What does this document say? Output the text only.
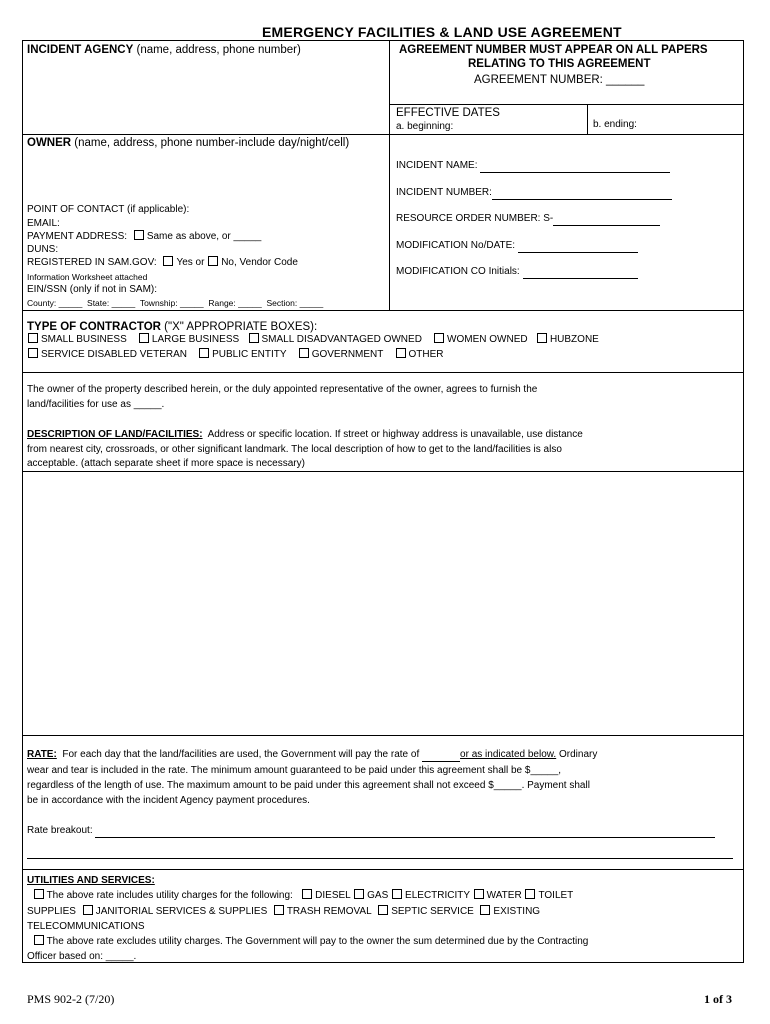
EMERGENCY FACILITIES & LAND USE AGREEMENT
INCIDENT AGENCY (name, address, phone number)	AGREEMENT NUMBER MUST APPEAR ON ALL PAPERS
RELATING TO THIS AGREEMENT
AGREEMENT NUMBER: ______
EFFECTIVE DATES
a. beginning:	b. ending:
OWNER (name, address, phone number-include day/night/cell)
POINT OF CONTACT (if applicable):
EMAIL:
PAYMENT ADDRESS: Same as above, or _____
DUNS:
REGISTERED IN SAM.GOV: Yes or No, Vendor Code
Information Worksheet attached
EIN/SSN (only if not in SAM):
County: _____ State: _____ Township: _____ Range: _____ Section: _____
INCIDENT NAME:
INCIDENT NUMBER:
RESOURCE ORDER NUMBER: S-
MODIFICATION No/DATE:
MODIFICATION CO Initials:
TYPE OF CONTRACTOR ("X" APPROPRIATE BOXES):
SMALL BUSINESS	LARGE BUSINESS SMALL DISADVANTAGED OWNED	WOMEN OWNED HUBZONE
SERVICE DISABLED VETERAN	PUBLIC ENTITY	GOVERNMENT	OTHER
The owner of the property described herein, or the duly appointed representative of the owner, agrees to furnish the
land/facilities for use as _____.
DESCRIPTION OF LAND/FACILITIES: Address or specific location. If street or highway address is unavailable, use distance
from nearest city, crossroads, or other significant landmark. The local description of how to get to the land/facilities is also
acceptable. (attach separate sheet if more space is necessary)
RATE: For each day that the land/facilities are used, the Government will pay the rate of	or as indicated below. Ordinary
wear and tear is included in the rate. The minimum amount guaranteed to be paid under this agreement shall be $_____,
regardless of the length of use. The maximum amount to be paid under this agreement shall not exceed $_____. Payment shall
be in accordance with the incident Agency payment procedures.
Rate breakout:
UTILITIES AND SERVICES:
The above rate includes utility charges for the following: DIESEL GAS ELECTRICITY WATER TOILET
SUPPLIES JANITORIAL SERVICES & SUPPLIES TRASH REMOVAL SEPTIC SERVICE EXISTING
TELECOMMUNICATIONS
The above rate excludes utility charges. The Government will pay to the owner the sum determined due by the Contracting
Officer based on: _____.
PMS 902-2 (7/20)	1 of 3
